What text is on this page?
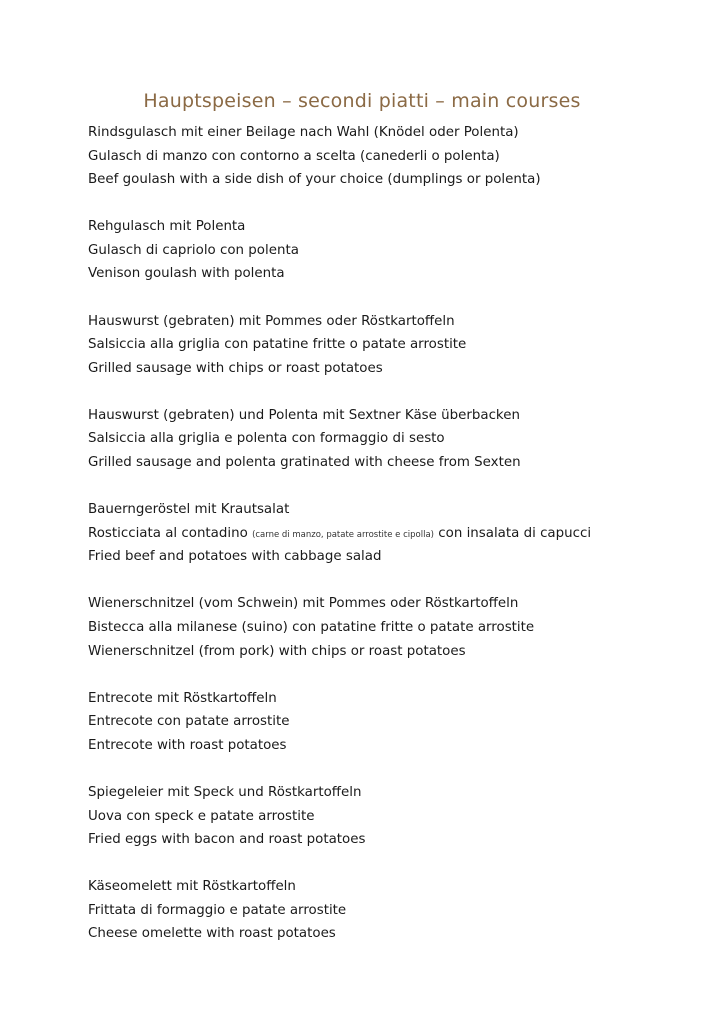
Hauptspeisen – secondi piatti – main courses
Rindsgulasch mit einer Beilage nach Wahl (Knödel oder Polenta)
Gulasch di manzo con contorno a scelta (canederli o polenta)
Beef goulash with a side dish of your choice (dumplings or polenta)
Rehgulasch mit Polenta
Gulasch di capriolo con polenta
Venison goulash with polenta
Hauswurst (gebraten) mit Pommes oder Röstkartoffeln
Salsiccia alla griglia con patatine fritte o patate arrostite
Grilled sausage with chips or roast potatoes
Hauswurst (gebraten) und Polenta mit Sextner Käse überbacken
Salsiccia alla griglia e polenta con formaggio di sesto
Grilled sausage and polenta gratinated with cheese from Sexten
Bauerngeröstel mit Krautsalat
Rosticciata al contadino (carne di manzo, patate arrostite e cipolla) con insalata di capucci
Fried beef and potatoes with cabbage salad
Wienerschnitzel (vom Schwein) mit Pommes oder Röstkartoffeln
Bistecca alla milanese (suino) con patatine fritte o patate arrostite
Wienerschnitzel (from pork) with chips or roast potatoes
Entrecote mit Röstkartoffeln
Entrecote con patate arrostite
Entrecote with roast potatoes
Spiegeleier mit Speck und Röstkartoffeln
Uova con speck e patate arrostite
Fried eggs with bacon and roast potatoes
Käseomelett mit Röstkartoffeln
Frittata di formaggio e patate arrostite
Cheese omelette with roast potatoes
